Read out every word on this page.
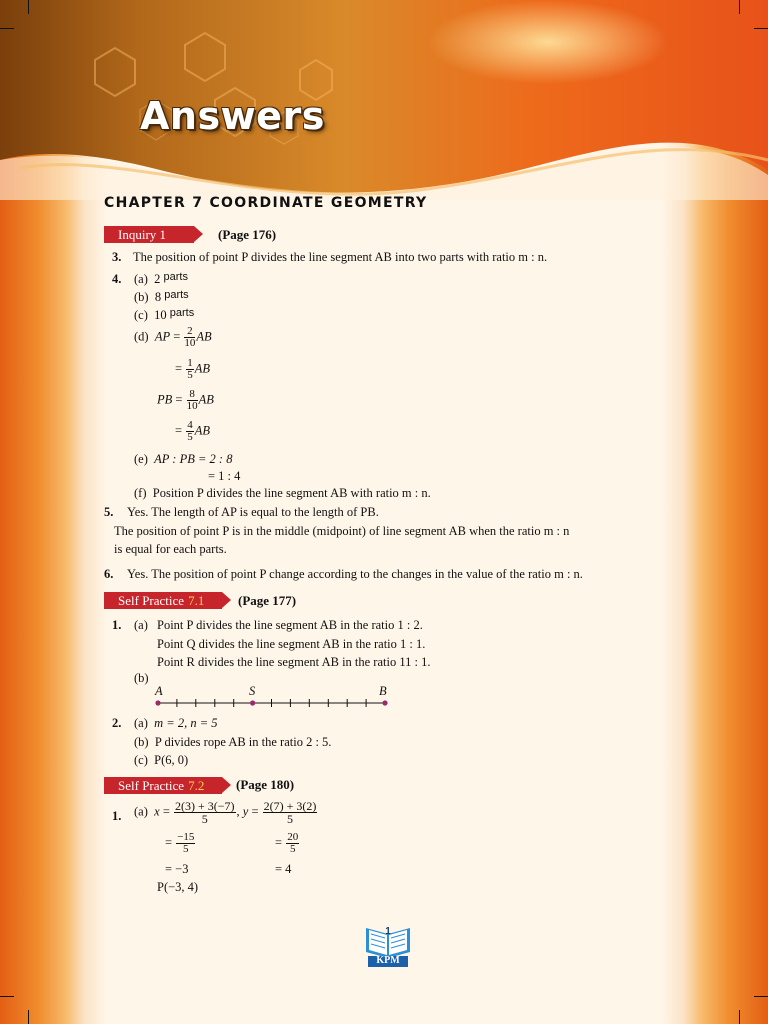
Answers
CHAPTER 7 COORDINATE GEOMETRY
Inquiry 1	(Page 176)
3. The position of point P divides the line segment AB into two parts with ratio m : n.
4. (a) 2 parts
(b) 8 parts
(c) 10 parts
(d) AP = $\frac{2}{10}$ AB
= $\frac{1}{5}$ AB
PB = $\frac{8}{10}$ AB
= $\frac{4}{5}$ AB
(e) AP : PB = 2 : 8
= 1 : 4
(f) Position P divides the line segment AB with ratio m : n.
5. Yes. The length of AP is equal to the length of PB.
The position of point P is in the middle (midpoint) of line segment AB when the ratio m : n
is equal for each parts.
6. Yes. The position of point P change according to the changes in the value of the ratio m : n.
Self Practice 7.1	(Page 177)
1. (a) Point P divides the line segment AB in the ratio 1 : 2.
Point Q divides the line segment AB in the ratio 1 : 1.
Point R divides the line segment AB in the ratio 11 : 1.
(b)
A	S	B
2. (a) m = 2, n = 5
(b) P divides rope AB in the ratio 2 : 5.
(c) P(6, 0)
Self Practice 7.2	(Page 180)
1. (a) $x = \frac{2(3) + 3(-7)}{5}$ , $y = \frac{2(7) + 3(2)}{5}$
= $\frac{-15}{5}$	= $\frac{20}{5}$
= −3	= 4
P(−3, 4)
1
KPM
